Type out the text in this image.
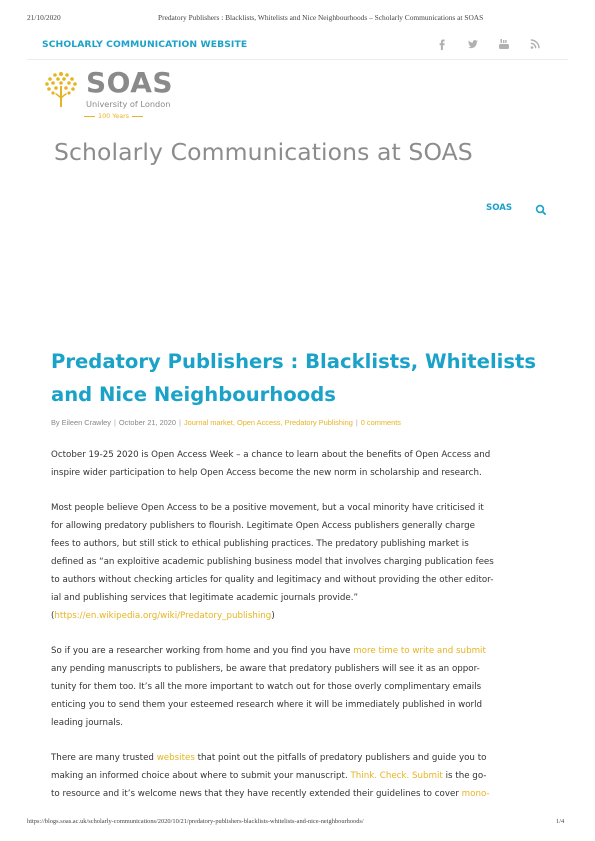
21/10/2020	Predatory Publishers : Blacklists, Whitelists and Nice Neighbourhoods – Scholarly Communications at SOAS
SCHOLARLY COMMUNICATION WEBSITE
SOAS
University of London
100 Years
Scholarly Communications at SOAS
SOAS
Predatory Publishers : Blacklists, Whitelists and Nice Neighbourhoods
By Eileen Crawley | October 21, 2020 | Journal market, Open Access, Predatory Publishing | 0 comments

October 19-25 2020 is Open Access Week – a chance to learn about the benefits of Open Access and

inspire wider participation to help Open Access become the new norm in scholarship and research.

Most people believe Open Access to be a positive movement, but a vocal minority have criticised it

for allowing predatory publishers to flourish. Legitimate Open Access publishers generally charge

fees to authors, but still stick to ethical publishing practices. The predatory publishing market is

defined as “an exploitive academic publishing business model that involves charging publication fees

to authors without checking articles for quality and legitimacy and without providing the other editor-

ial and publishing services that legitimate academic journals provide.”

(https://en.wikipedia.org/wiki/Predatory_publishing)

So if you are a researcher working from home and you find you have more time to write and submit

any pending manuscripts to publishers, be aware that predatory publishers will see it as an oppor-

tunity for them too. It’s all the more important to watch out for those overly complimentary emails

enticing you to send them your esteemed research where it will be immediately published in world

leading journals.

There are many trusted websites that point out the pitfalls of predatory publishers and guide you to

making an informed choice about where to submit your manuscript. Think. Check. Submit is the go-

to resource and it’s welcome news that they have recently extended their guidelines to cover mono-

https://blogs.soas.ac.uk/scholarly-communications/2020/10/21/predatory-publishers-blacklists-whitelists-and-nice-neighbourhoods/	1/4
